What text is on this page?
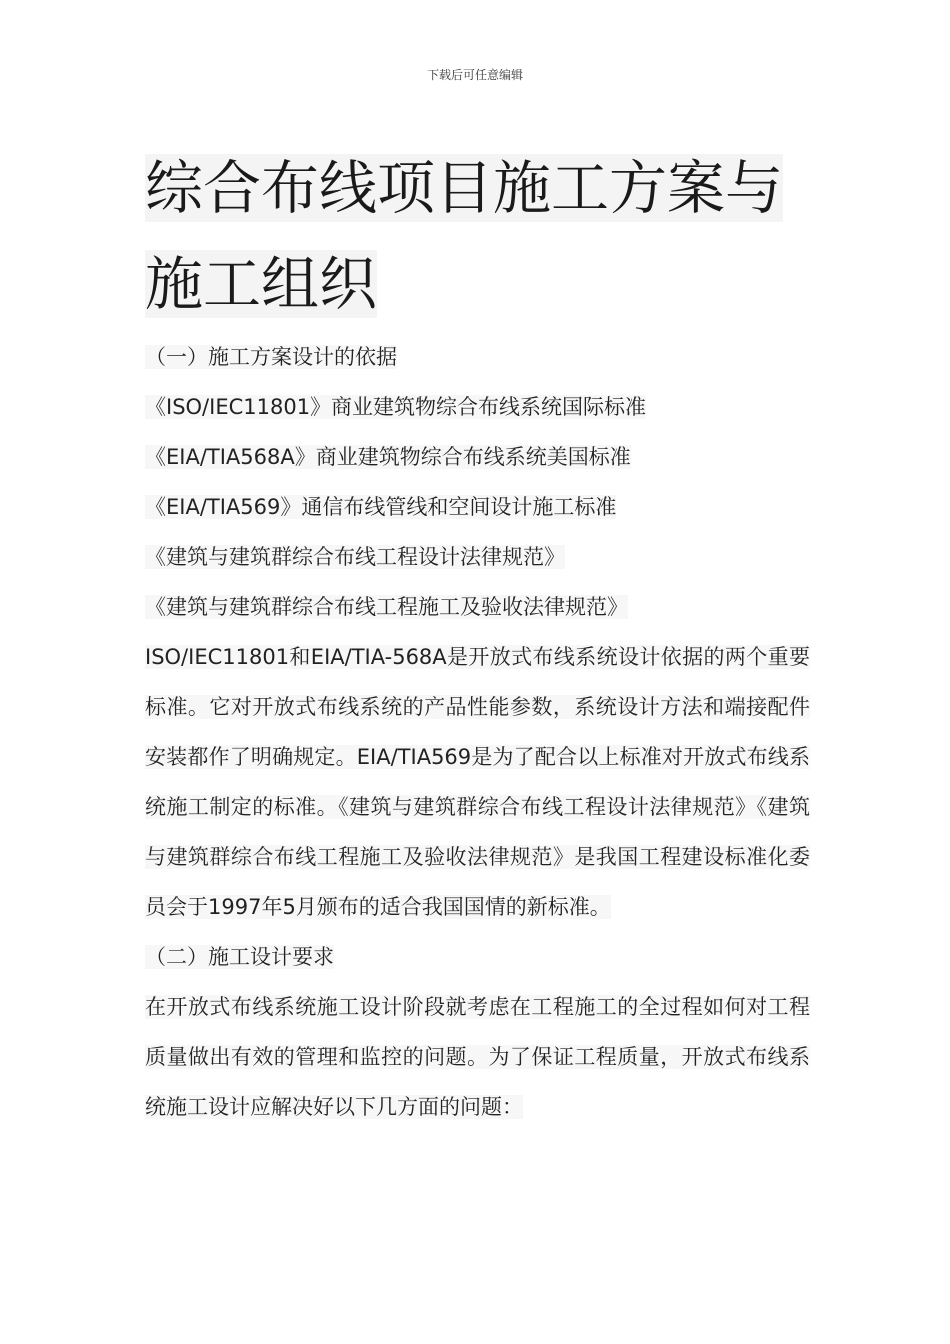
下载后可任意编辑
综合布线项目施工方案与施工组织
（一）施工方案设计的依据
《ISO/IEC11801》商业建筑物综合布线系统国际标准
《EIA/TIA568A》商业建筑物综合布线系统美国标准
《EIA/TIA569》通信布线管线和空间设计施工标准
《建筑与建筑群综合布线工程设计法律规范》
《建筑与建筑群综合布线工程施工及验收法律规范》

ISO/IEC11801和EIA/TIA-568A是开放式布线系统设计依据的两个重要标准。它对开放式布线系统的产品性能参数，系统设计方法和端接配件安装都作了明确规定。EIA/TIA569是为了配合以上标准对开放式布线系统施工制定的标准。《建筑与建筑群综合布线工程设计法律规范》《建筑与建筑群综合布线工程施工及验收法律规范》是我国工程建设标准化委员会于1997年5月颁布的适合我国国情的新标准。

（二）施工设计要求

在开放式布线系统施工设计阶段就考虑在工程施工的全过程如何对工程质量做出有效的管理和监控的问题。为了保证工程质量，开放式布线系统施工设计应解决好以下几方面的问题：
